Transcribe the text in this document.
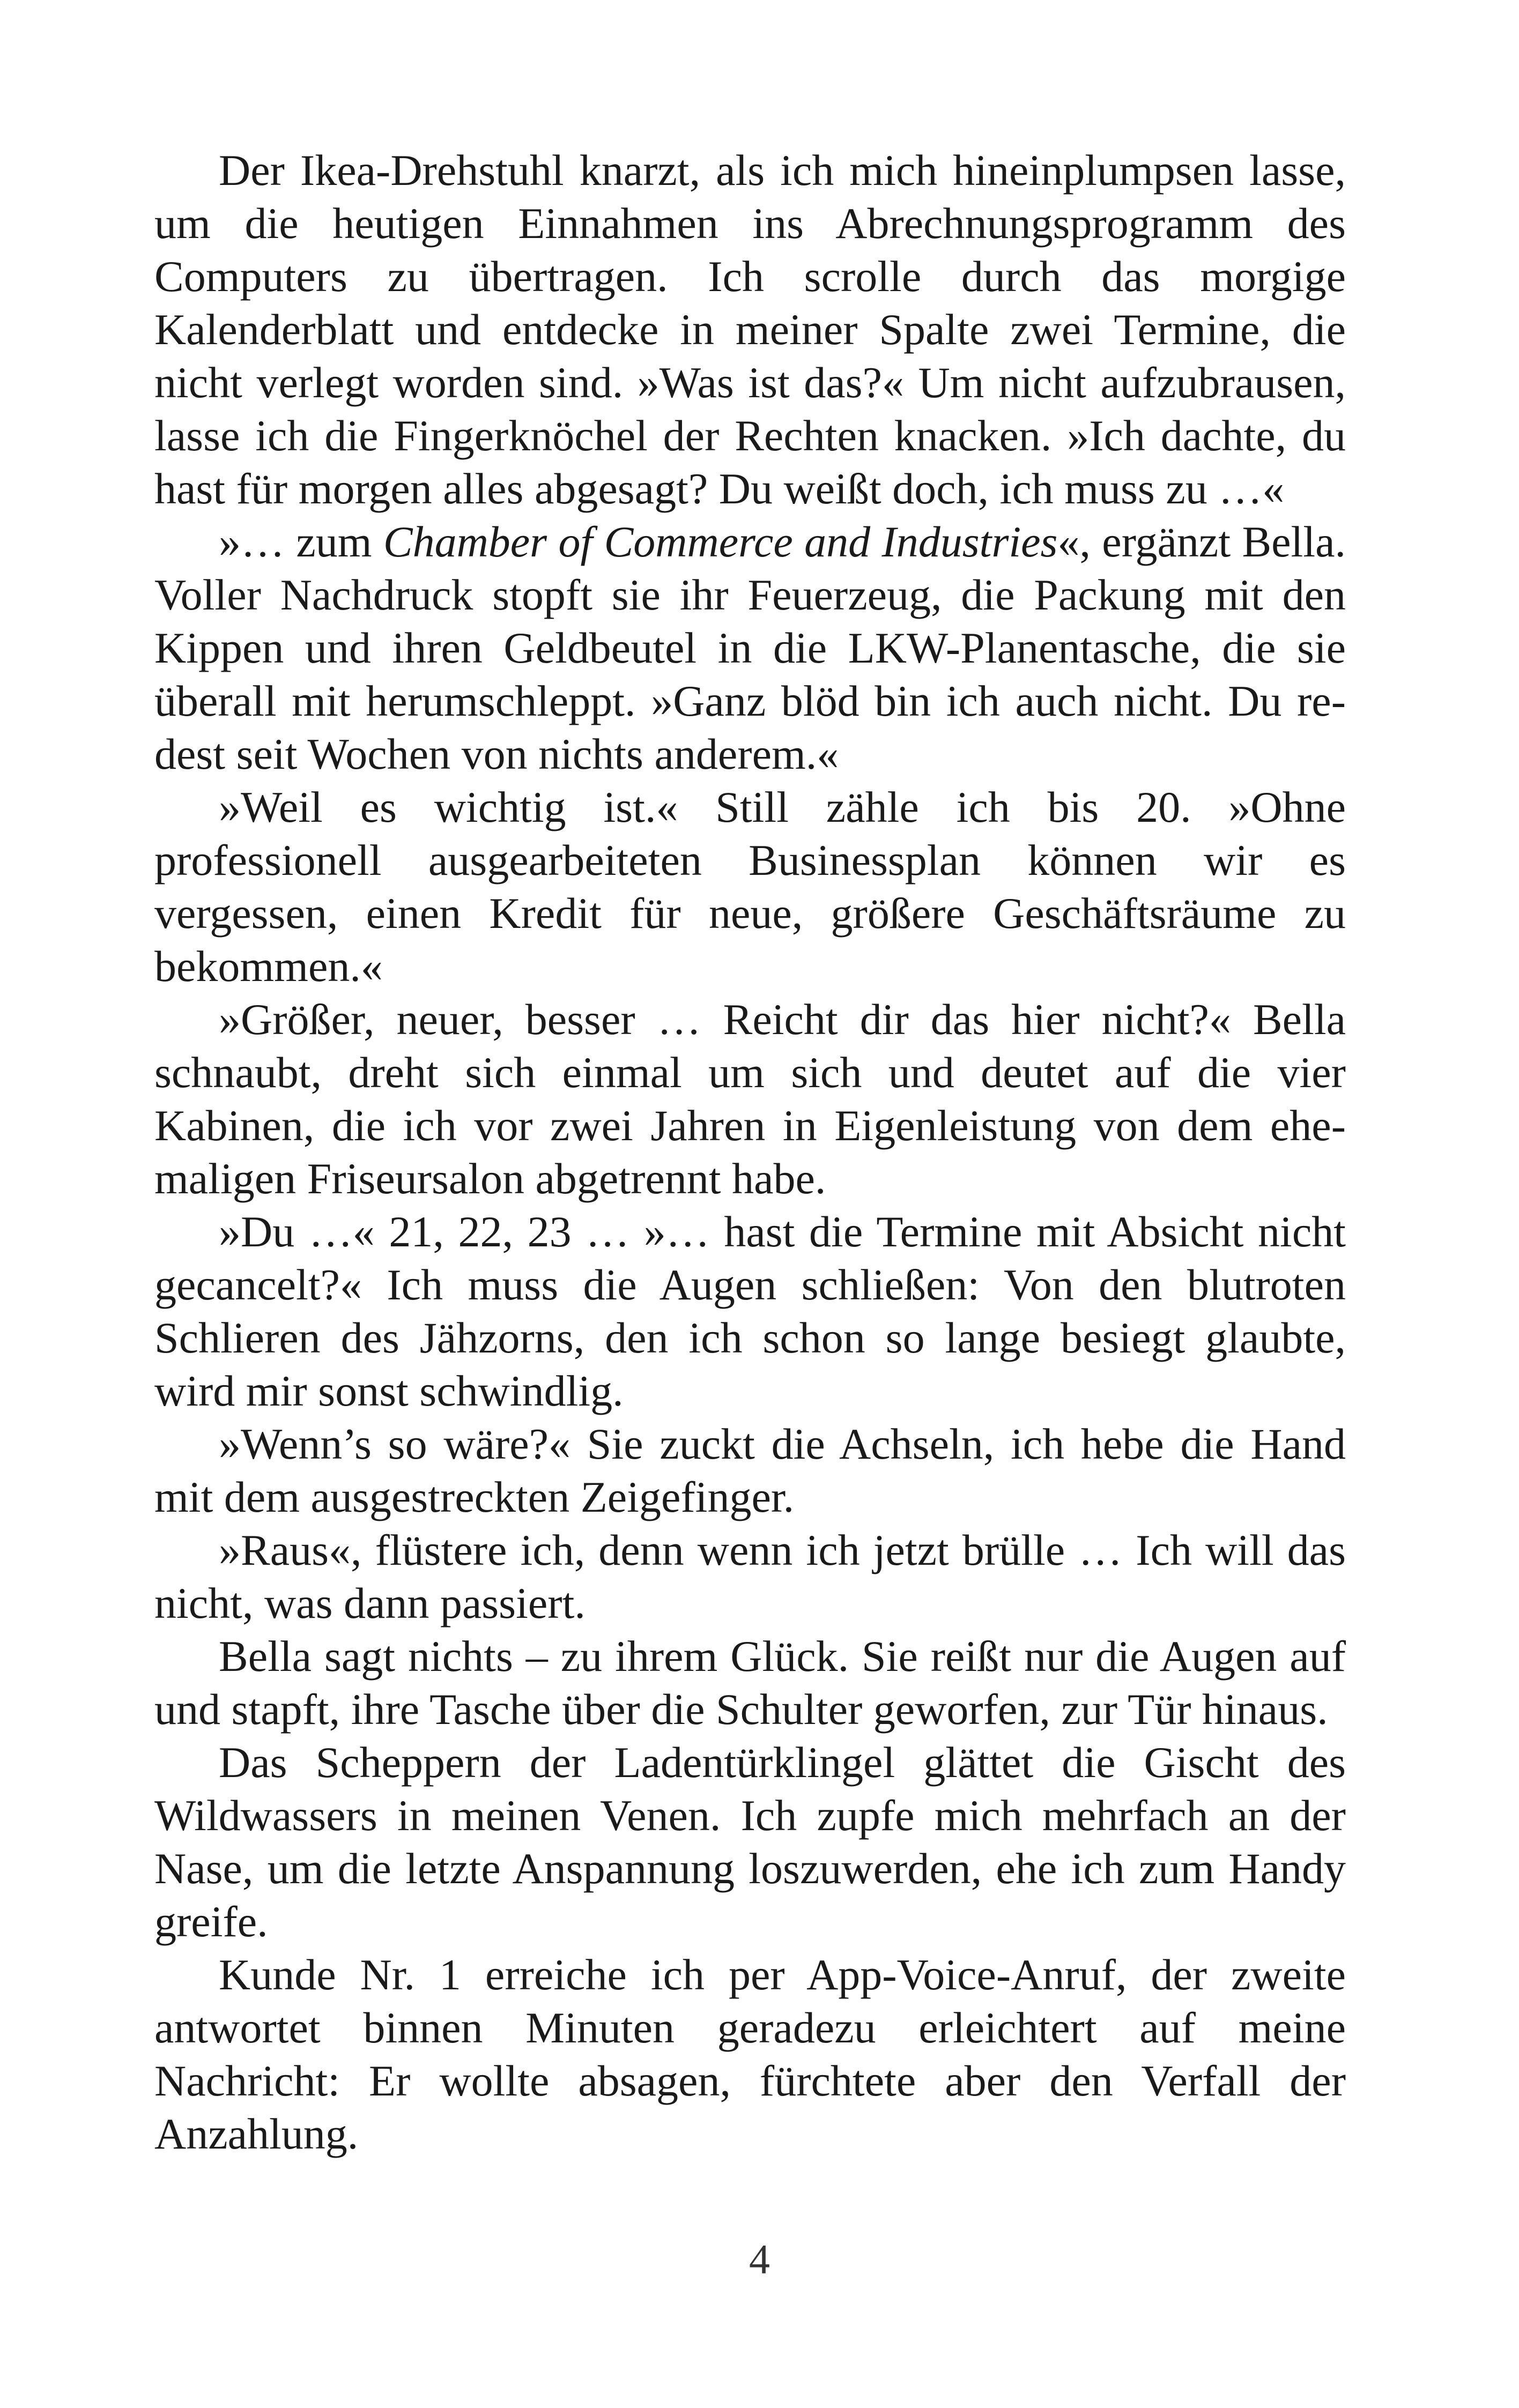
Der Ikea-Drehstuhl knarzt, als ich mich hineinplumpsen lasse, um die heutigen Einnahmen ins Abrechnungsprogramm des Computers zu übertragen. Ich scrolle durch das morgige Kalenderblatt und entdecke in meiner Spalte zwei Termine, die nicht verlegt worden sind. »Was ist das?« Um nicht aufzubrausen, lasse ich die Fingerknöchel der Rechten knacken. »Ich dachte, du hast für morgen alles abgesagt? Du weißt doch, ich muss zu …«

»… zum Chamber of Commerce and Industries«, ergänzt Bella. Voller Nachdruck stopft sie ihr Feuerzeug, die Packung mit den Kippen und ihren Geldbeutel in die LKW-Planentasche, die sie überall mit herumschleppt. »Ganz blöd bin ich auch nicht. Du redest seit Wochen von nichts anderem.«

»Weil es wichtig ist.« Still zähle ich bis 20. »Ohne professionell ausgearbeiteten Businessplan können wir es vergessen, einen Kredit für neue, größere Geschäftsräume zu bekommen.«

»Größer, neuer, besser … Reicht dir das hier nicht?« Bella schnaubt, dreht sich einmal um sich und deutet auf die vier Kabinen, die ich vor zwei Jahren in Eigenleistung von dem ehemaligen Friseursalon abgetrennt habe.

»Du …« 21, 22, 23 … »… hast die Termine mit Absicht nicht gecancelt?« Ich muss die Augen schließen: Von den blutroten Schlieren des Jähzorns, den ich schon so lange besiegt glaubte, wird mir sonst schwindlig.

»Wenn’s so wäre?« Sie zuckt die Achseln, ich hebe die Hand mit dem ausgestreckten Zeigefinger.

»Raus«, flüstere ich, denn wenn ich jetzt brülle … Ich will das nicht, was dann passiert.

Bella sagt nichts – zu ihrem Glück. Sie reißt nur die Augen auf und stapft, ihre Tasche über die Schulter geworfen, zur Tür hinaus.

Das Scheppern der Ladentürklingel glättet die Gischt des Wildwassers in meinen Venen. Ich zupfe mich mehrfach an der Nase, um die letzte Anspannung loszuwerden, ehe ich zum Handy greife.

Kunde Nr. 1 erreiche ich per App-Voice-Anruf, der zweite antwortet binnen Minuten geradezu erleichtert auf meine Nachricht: Er wollte absagen, fürchtete aber den Verfall der Anzahlung.

4
